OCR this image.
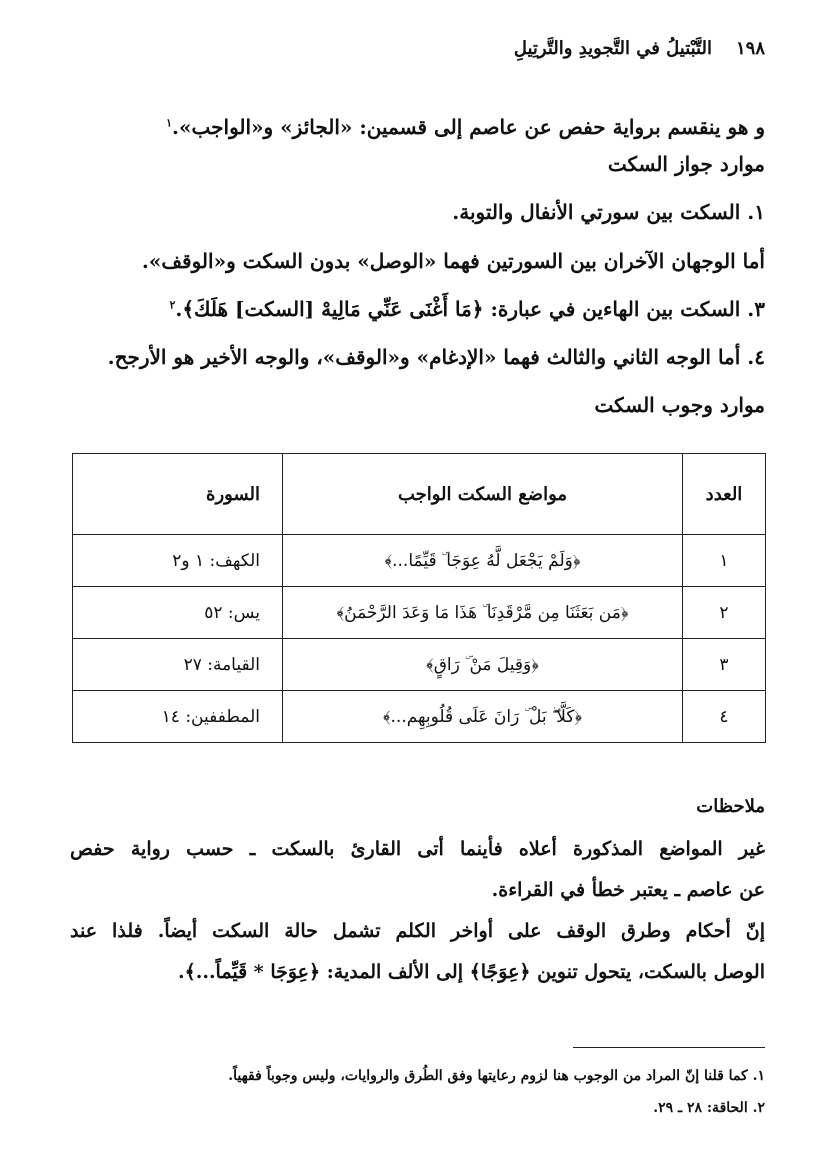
١٩٨التَّبْتيلُ في التَّجويدِ والتَّرتِيلِ
و هو ينقسم برواية حفص عن عاصم إلى قسمين: «الجائز» و«الواجب».$^١$
موارد جواز السكت
١. السكت بين سورتي الأنفال والتوبة.
أما الوجهان الآخران بين السورتين فهما «الوصل» بدون السكت و«الوقف».
٣. السكت بين الهاءين في عبارة: ﴿مَا أَغْنَى عَنِّي مَالِيهْ [السكت] هَلَكَ﴾.$^٢$
٤. أما الوجه الثاني والثالث فهما «الإدغام» و«الوقف»، والوجه الأخير هو الأرجح.
موارد وجوب السكت
العدد	مواضع السكت الواجب	السورة
١	﴿وَلَمْ يَجْعَل لَّهُ عِوَجَا ۜ قَيِّمًا...﴾	الكهف: ١ و٢
٢	﴿مَن بَعَثَنَا مِن مَّرْقَدِنَا ۜ هَذَا مَا وَعَدَ الرَّحْمَنُ﴾	يس: ٥٢
٣	﴿وَقِيلَ مَنْ ۜ رَاقٍ﴾	القيامة: ٢٧
٤	﴿كَلَّا ۖ بَلْ ۜ رَانَ عَلَى قُلُوبِهِم...﴾	المطففين: ١٤
ملاحظات
غير المواضع المذكورة أعلاه فأينما أتى القارئ بالسكت ـ حسب رواية حفص
عن عاصم ـ يعتبر خطأ في القراءة.
إنّ أحكام وطرق الوقف على أواخر الكلم تشمل حالة السكت أيضاً. فلذا عند
الوصل بالسكت، يتحول تنوين ﴿عِوَجًا﴾ إلى الألف المدية: ﴿عِوَجَا * قَيِّماً...﴾.
١. كما قلنا إنّ المراد من الوجوب هنا لزوم رعايتها وفق الطُرق والروايات، وليس وجوباً فقهياً.
٢. الحاقة: ٢٨ ـ ٢٩.
